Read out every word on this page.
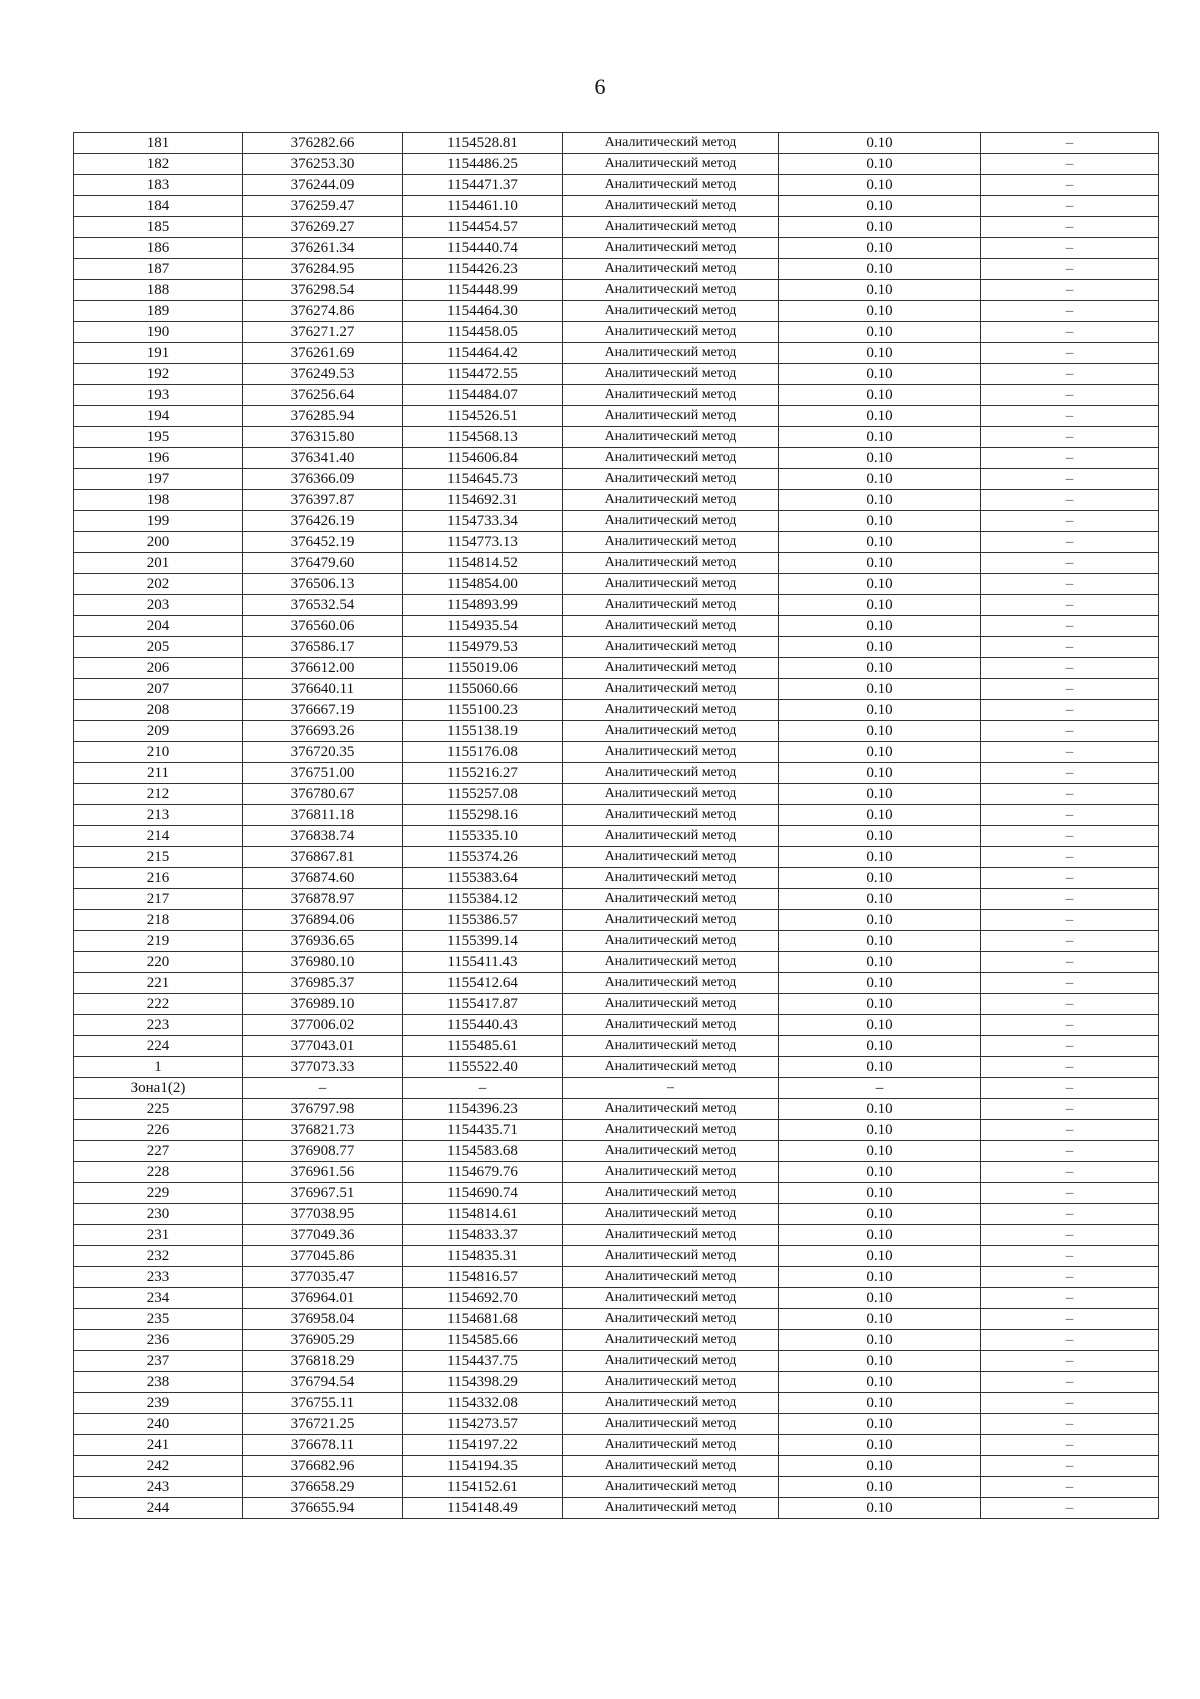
6
181	376282.66	1154528.81	Аналитический метод	0.10	–
182	376253.30	1154486.25	Аналитический метод	0.10	–
183	376244.09	1154471.37	Аналитический метод	0.10	–
184	376259.47	1154461.10	Аналитический метод	0.10	–
185	376269.27	1154454.57	Аналитический метод	0.10	–
186	376261.34	1154440.74	Аналитический метод	0.10	–
187	376284.95	1154426.23	Аналитический метод	0.10	–
188	376298.54	1154448.99	Аналитический метод	0.10	–
189	376274.86	1154464.30	Аналитический метод	0.10	–
190	376271.27	1154458.05	Аналитический метод	0.10	–
191	376261.69	1154464.42	Аналитический метод	0.10	–
192	376249.53	1154472.55	Аналитический метод	0.10	–
193	376256.64	1154484.07	Аналитический метод	0.10	–
194	376285.94	1154526.51	Аналитический метод	0.10	–
195	376315.80	1154568.13	Аналитический метод	0.10	–
196	376341.40	1154606.84	Аналитический метод	0.10	–
197	376366.09	1154645.73	Аналитический метод	0.10	–
198	376397.87	1154692.31	Аналитический метод	0.10	–
199	376426.19	1154733.34	Аналитический метод	0.10	–
200	376452.19	1154773.13	Аналитический метод	0.10	–
201	376479.60	1154814.52	Аналитический метод	0.10	–
202	376506.13	1154854.00	Аналитический метод	0.10	–
203	376532.54	1154893.99	Аналитический метод	0.10	–
204	376560.06	1154935.54	Аналитический метод	0.10	–
205	376586.17	1154979.53	Аналитический метод	0.10	–
206	376612.00	1155019.06	Аналитический метод	0.10	–
207	376640.11	1155060.66	Аналитический метод	0.10	–
208	376667.19	1155100.23	Аналитический метод	0.10	–
209	376693.26	1155138.19	Аналитический метод	0.10	–
210	376720.35	1155176.08	Аналитический метод	0.10	–
211	376751.00	1155216.27	Аналитический метод	0.10	–
212	376780.67	1155257.08	Аналитический метод	0.10	–
213	376811.18	1155298.16	Аналитический метод	0.10	–
214	376838.74	1155335.10	Аналитический метод	0.10	–
215	376867.81	1155374.26	Аналитический метод	0.10	–
216	376874.60	1155383.64	Аналитический метод	0.10	–
217	376878.97	1155384.12	Аналитический метод	0.10	–
218	376894.06	1155386.57	Аналитический метод	0.10	–
219	376936.65	1155399.14	Аналитический метод	0.10	–
220	376980.10	1155411.43	Аналитический метод	0.10	–
221	376985.37	1155412.64	Аналитический метод	0.10	–
222	376989.10	1155417.87	Аналитический метод	0.10	–
223	377006.02	1155440.43	Аналитический метод	0.10	–
224	377043.01	1155485.61	Аналитический метод	0.10	–
1	377073.33	1155522.40	Аналитический метод	0.10	–
Зона1(2)	–	–	–	–	–
225	376797.98	1154396.23	Аналитический метод	0.10	–
226	376821.73	1154435.71	Аналитический метод	0.10	–
227	376908.77	1154583.68	Аналитический метод	0.10	–
228	376961.56	1154679.76	Аналитический метод	0.10	–
229	376967.51	1154690.74	Аналитический метод	0.10	–
230	377038.95	1154814.61	Аналитический метод	0.10	–
231	377049.36	1154833.37	Аналитический метод	0.10	–
232	377045.86	1154835.31	Аналитический метод	0.10	–
233	377035.47	1154816.57	Аналитический метод	0.10	–
234	376964.01	1154692.70	Аналитический метод	0.10	–
235	376958.04	1154681.68	Аналитический метод	0.10	–
236	376905.29	1154585.66	Аналитический метод	0.10	–
237	376818.29	1154437.75	Аналитический метод	0.10	–
238	376794.54	1154398.29	Аналитический метод	0.10	–
239	376755.11	1154332.08	Аналитический метод	0.10	–
240	376721.25	1154273.57	Аналитический метод	0.10	–
241	376678.11	1154197.22	Аналитический метод	0.10	–
242	376682.96	1154194.35	Аналитический метод	0.10	–
243	376658.29	1154152.61	Аналитический метод	0.10	–
244	376655.94	1154148.49	Аналитический метод	0.10	–
